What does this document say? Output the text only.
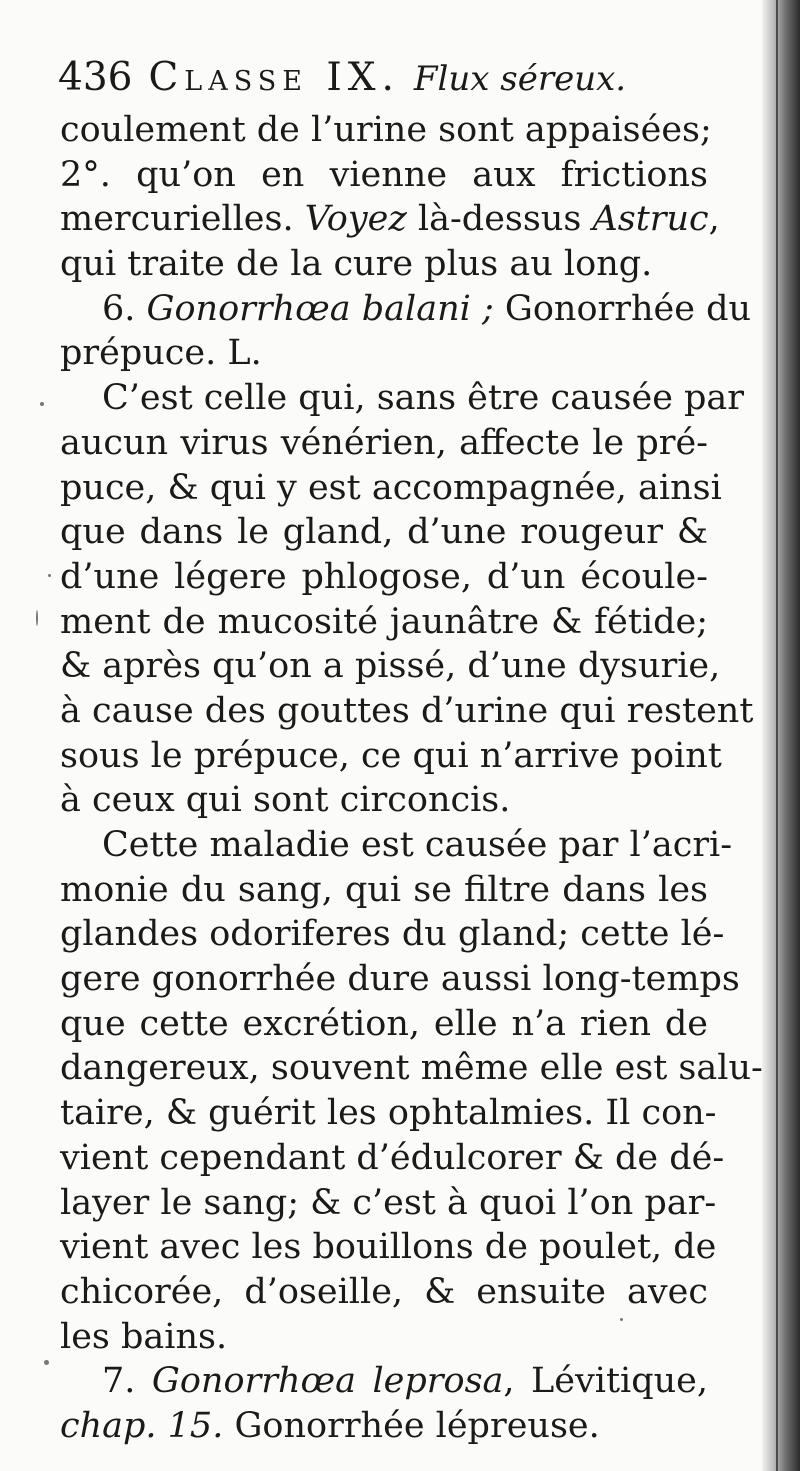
436 Classe IX. Flux séreux.
coulement de l’urine sont appaisées;
2°. qu’on en vienne aux frictions
mercurielles. Voyez là-dessus Astruc,
qui traite de la cure plus au long.
6. Gonorrhœa balani ; Gonorrhée du
prépuce. L.
C’est celle qui, sans être causée par
aucun virus vénérien, affecte le pré-
puce, & qui y est accompagnée, ainsi
que dans le gland, d’une rougeur &
d’une légere phlogose, d’un écoule-
ment de mucosité jaunâtre & fétide;
& après qu’on a pissé, d’une dysurie,
à cause des gouttes d’urine qui restent
sous le prépuce, ce qui n’arrive point
à ceux qui sont circoncis.
Cette maladie est causée par l’acri-
monie du sang, qui se filtre dans les
glandes odoriferes du gland; cette lé-
gere gonorrhée dure aussi long-temps
que cette excrétion, elle n’a rien de
dangereux, souvent même elle est salu-
taire, & guérit les ophtalmies. Il con-
vient cependant d’édulcorer & de dé-
layer le sang; & c’est à quoi l’on par-
vient avec les bouillons de poulet, de
chicorée, d’oseille, & ensuite avec
les bains.
7. Gonorrhœa leprosa, Lévitique,
chap. 15. Gonorrhée lépreuse.
